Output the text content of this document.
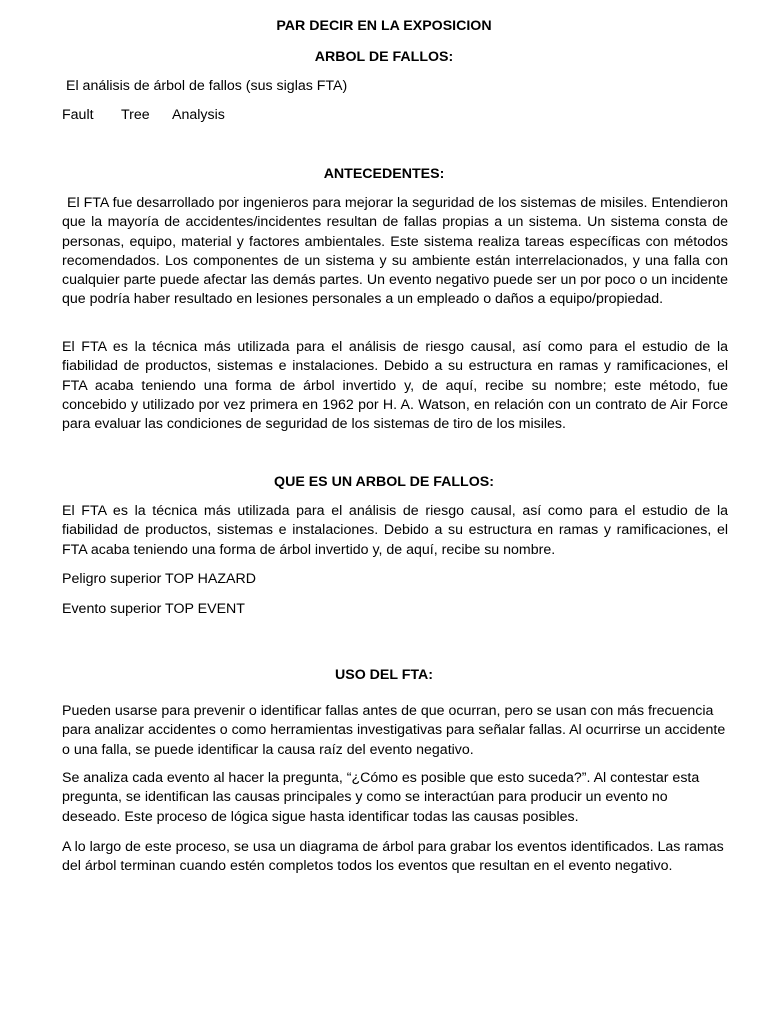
PAR DECIR EN LA EXPOSICION
ARBOL DE FALLOS:
El análisis de árbol de fallos (sus siglas FTA)
Fault Tree Analysis
ANTECEDENTES:
El FTA fue desarrollado por ingenieros para mejorar la seguridad de los sistemas de misiles. Entendieron que la mayoría de accidentes/incidentes resultan de fallas propias a un sistema. Un sistema consta de personas, equipo, material y factores ambientales. Este sistema realiza tareas específicas con métodos recomendados. Los componentes de un sistema y su ambiente están interrelacionados, y una falla con cualquier parte puede afectar las demás partes. Un evento negativo puede ser un por poco o un incidente que podría haber resultado en lesiones personales a un empleado o daños a equipo/propiedad.
El FTA es la técnica más utilizada para el análisis de riesgo causal, así como para el estudio de la fiabilidad de productos, sistemas e instalaciones. Debido a su estructura en ramas y ramificaciones, el FTA acaba teniendo una forma de árbol invertido y, de aquí, recibe su nombre; este método, fue concebido y utilizado por vez primera en 1962 por H. A. Watson, en relación con un contrato de Air Force para evaluar las condiciones de seguridad de los sistemas de tiro de los misiles.
QUE ES UN ARBOL DE FALLOS:
El FTA es la técnica más utilizada para el análisis de riesgo causal, así como para el estudio de la fiabilidad de productos, sistemas e instalaciones. Debido a su estructura en ramas y ramificaciones, el FTA acaba teniendo una forma de árbol invertido y, de aquí, recibe su nombre.
Peligro superior TOP HAZARD
Evento superior TOP EVENT
USO DEL FTA:
Pueden usarse para prevenir o identificar fallas antes de que ocurran, pero se usan con más frecuencia para analizar accidentes o como herramientas investigativas para señalar fallas. Al ocurrirse un accidente o una falla, se puede identificar la causa raíz del evento negativo.
Se analiza cada evento al hacer la pregunta, “¿Cómo es posible que esto suceda?”. Al contestar esta pregunta, se identifican las causas principales y como se interactúan para producir un evento no deseado. Este proceso de lógica sigue hasta identificar todas las causas posibles.
A lo largo de este proceso, se usa un diagrama de árbol para grabar los eventos identificados. Las ramas del árbol terminan cuando estén completos todos los eventos que resultan en el evento negativo.
